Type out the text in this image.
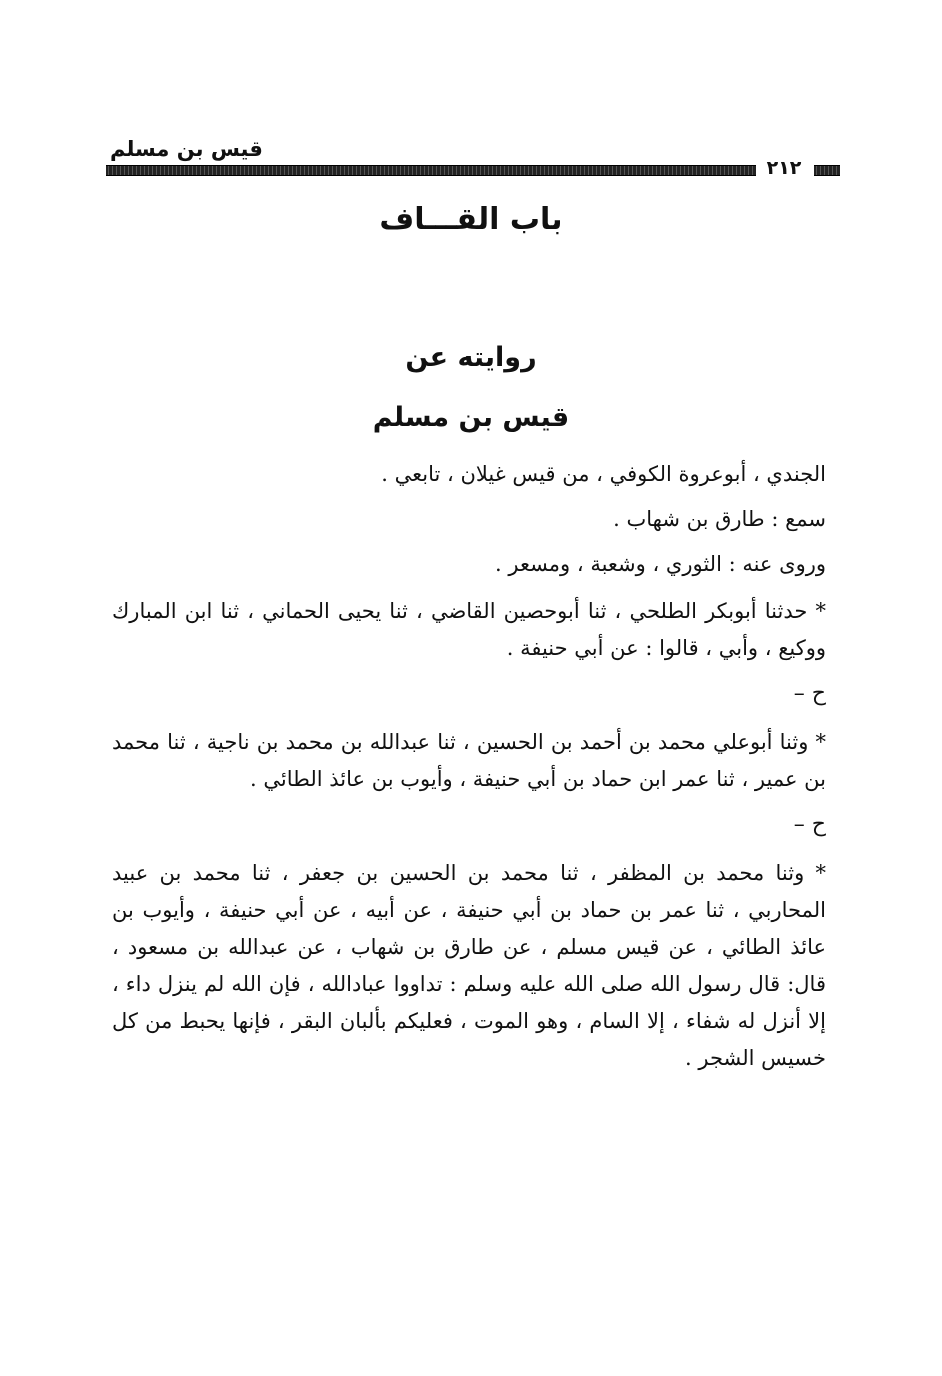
قيس بن مسلم
٢١٢
باب القـــاف
روايته عن
قيس بن مسلم

الجندي ، أبوعروة الكوفي ، من قيس غيلان ، تابعي .

سمع : طارق بن شهاب .

وروى عنه : الثوري ، وشعبة ، ومسعر .

* حدثنا أبوبكر الطلحي ، ثنا أبوحصين القاضي ، ثنا يحيى الحماني ، ثنا ابن المبارك ووكيع ، وأبي ، قالوا : عن أبي حنيفة .

ح –

* وثنا أبوعلي محمد بن أحمد بن الحسين ، ثنا عبدالله بن محمد بن ناجية ، ثنا محمد بن عمير ، ثنا عمر ابن حماد بن أبي حنيفة ، وأيوب بن عائذ الطائي .

ح –

* وثنا محمد بن المظفر ، ثنا محمد بن الحسين بن جعفر ، ثنا محمد بن عبيد المحاربي ، ثنا عمر بن حماد بن أبي حنيفة ، عن أبيه ، عن أبي حنيفة ، وأيوب بن عائذ الطائي ، عن قيس مسلم ، عن طارق بن شهاب ، عن عبدالله بن مسعود ، قال: قال رسول الله صلى الله عليه وسلم : تداووا عبادالله ، فإن الله لم ينزل داء ، إلا أنزل له شفاء ، إلا السام ، وهو الموت ، فعليكم بألبان البقر ، فإنها يحبط من كل خسيس الشجر .
